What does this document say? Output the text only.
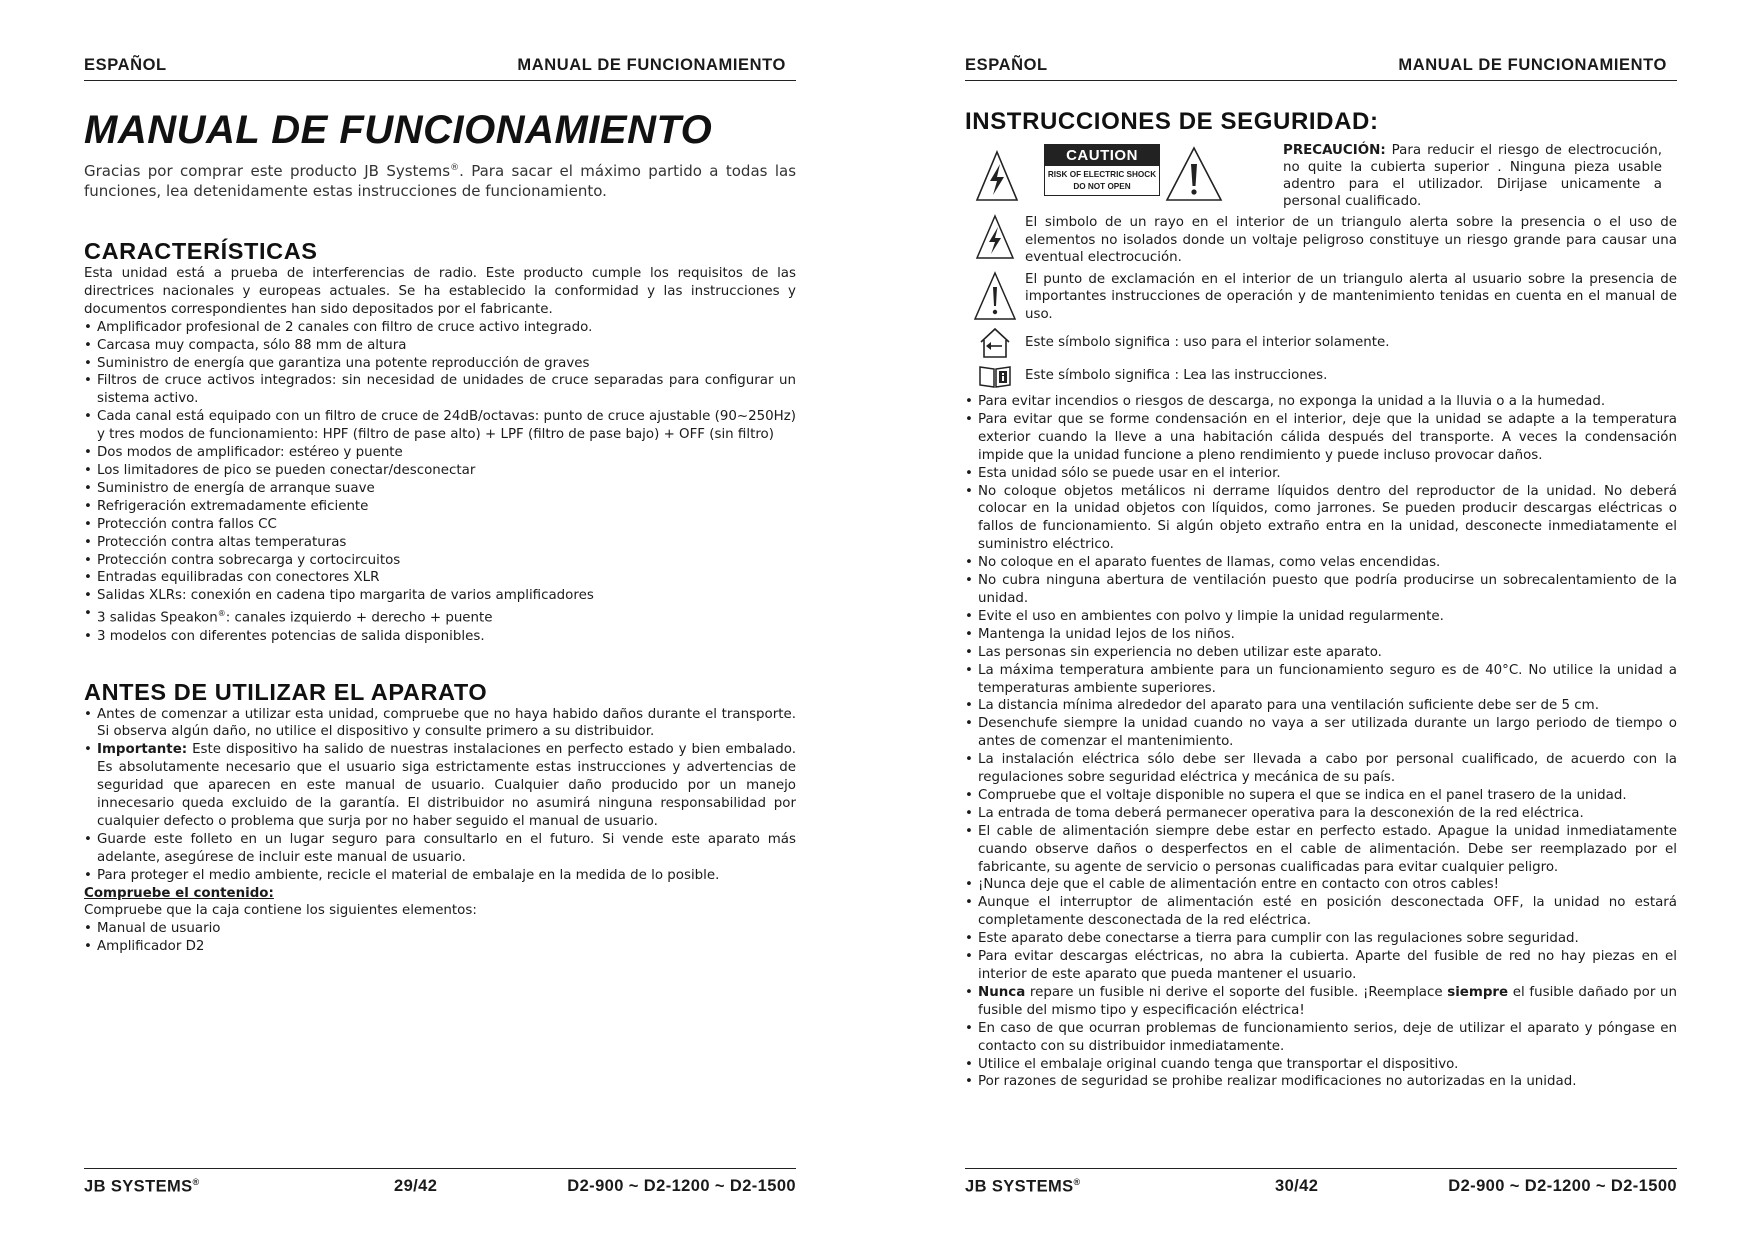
ESPAÑOL	MANUAL DE FUNCIONAMIENTO
MANUAL DE FUNCIONAMIENTO

Gracias por comprar este producto JB Systems®. Para sacar el máximo partido a todas las funciones, lea detenidamente estas instrucciones de funcionamiento.

CARACTERÍSTICAS

Esta unidad está a prueba de interferencias de radio. Este producto cumple los requisitos de las directrices nacionales y europeas actuales. Se ha establecido la conformidad y las instrucciones y documentos correspondientes han sido depositados por el fabricante.

• Amplificador profesional de 2 canales con filtro de cruce activo integrado.
• Carcasa muy compacta, sólo 88 mm de altura
• Suministro de energía que garantiza una potente reproducción de graves
• Filtros de cruce activos integrados: sin necesidad de unidades de cruce separadas para configurar un sistema activo.
• Cada canal está equipado con un filtro de cruce de 24dB/octavas: punto de cruce ajustable (90~250Hz) y tres modos de funcionamiento: HPF (filtro de pase alto) + LPF (filtro de pase bajo) + OFF (sin filtro)
• Dos modos de amplificador: estéreo y puente
• Los limitadores de pico se pueden conectar/desconectar
• Suministro de energía de arranque suave
• Refrigeración extremadamente eficiente
• Protección contra fallos CC
• Protección contra altas temperaturas
• Protección contra sobrecarga y cortocircuitos
• Entradas equilibradas con conectores XLR
• Salidas XLRs: conexión en cadena tipo margarita de varios amplificadores
• 3 salidas Speakon®: canales izquierdo + derecho + puente
• 3 modelos con diferentes potencias de salida disponibles.
ANTES DE UTILIZAR EL APARATO
• Antes de comenzar a utilizar esta unidad, compruebe que no haya habido daños durante el transporte. Si observa algún daño, no utilice el dispositivo y consulte primero a su distribuidor.
• Importante: Este dispositivo ha salido de nuestras instalaciones en perfecto estado y bien embalado. Es absolutamente necesario que el usuario siga estrictamente estas instrucciones y advertencias de seguridad que aparecen en este manual de usuario. Cualquier daño producido por un manejo innecesario queda excluido de la garantía. El distribuidor no asumirá ninguna responsabilidad por cualquier defecto o problema que surja por no haber seguido el manual de usuario.
• Guarde este folleto en un lugar seguro para consultarlo en el futuro. Si vende este aparato más adelante, asegúrese de incluir este manual de usuario.
• Para proteger el medio ambiente, recicle el material de embalaje en la medida de lo posible.

Compruebe el contenido:

Compruebe que la caja contiene los siguientes elementos:

• Manual de usuario
• Amplificador D2
JB SYSTEMS®	29/42	D2-900 ~ D2-1200 ~ D2-1500
ESPAÑOL	MANUAL DE FUNCIONAMIENTO
INSTRUCCIONES DE SEGURIDAD:
CAUTION
RISK OF ELECTRIC SHOCK
DO NOT OPEN

PRECAUCIÓN: Para reducir el riesgo de electrocución, no quite la cubierta superior . Ninguna pieza usable adentro para el utilizador. Dirijase unicamente a personal cualificado.

El simbolo de un rayo en el interior de un triangulo alerta sobre la presencia o el uso de elementos no isolados donde un voltaje peligroso constituye un riesgo grande para causar una eventual electrocución.
El punto de exclamación en el interior de un triangulo alerta al usuario sobre la presencia de importantes instrucciones de operación y de mantenimiento tenidas en cuenta en el manual de uso.
Este símbolo significa : uso para el interior solamente.
Este símbolo significa : Lea las instrucciones.
• Para evitar incendios o riesgos de descarga, no exponga la unidad a la lluvia o a la humedad.
• Para evitar que se forme condensación en el interior, deje que la unidad se adapte a la temperatura exterior cuando la lleve a una habitación cálida después del transporte. A veces la condensación impide que la unidad funcione a pleno rendimiento y puede incluso provocar daños.
• Esta unidad sólo se puede usar en el interior.
• No coloque objetos metálicos ni derrame líquidos dentro del reproductor de la unidad. No deberá colocar en la unidad objetos con líquidos, como jarrones. Se pueden producir descargas eléctricas o fallos de funcionamiento. Si algún objeto extraño entra en la unidad, desconecte inmediatamente el suministro eléctrico.
• No coloque en el aparato fuentes de llamas, como velas encendidas.
• No cubra ninguna abertura de ventilación puesto que podría producirse un sobrecalentamiento de la unidad.
• Evite el uso en ambientes con polvo y limpie la unidad regularmente.
• Mantenga la unidad lejos de los niños.
• Las personas sin experiencia no deben utilizar este aparato.
• La máxima temperatura ambiente para un funcionamiento seguro es de 40°C. No utilice la unidad a temperaturas ambiente superiores.
• La distancia mínima alrededor del aparato para una ventilación suficiente debe ser de 5 cm.
• Desenchufe siempre la unidad cuando no vaya a ser utilizada durante un largo periodo de tiempo o antes de comenzar el mantenimiento.
• La instalación eléctrica sólo debe ser llevada a cabo por personal cualificado, de acuerdo con la regulaciones sobre seguridad eléctrica y mecánica de su país.
• Compruebe que el voltaje disponible no supera el que se indica en el panel trasero de la unidad.
• La entrada de toma deberá permanecer operativa para la desconexión de la red eléctrica.
• El cable de alimentación siempre debe estar en perfecto estado. Apague la unidad inmediatamente cuando observe daños o desperfectos en el cable de alimentación. Debe ser reemplazado por el fabricante, su agente de servicio o personas cualificadas para evitar cualquier peligro.
• ¡Nunca deje que el cable de alimentación entre en contacto con otros cables!
• Aunque el interruptor de alimentación esté en posición desconectada OFF, la unidad no estará completamente desconectada de la red eléctrica.
• Este aparato debe conectarse a tierra para cumplir con las regulaciones sobre seguridad.
• Para evitar descargas eléctricas, no abra la cubierta. Aparte del fusible de red no hay piezas en el interior de este aparato que pueda mantener el usuario.
• Nunca repare un fusible ni derive el soporte del fusible. ¡Reemplace siempre el fusible dañado por un fusible del mismo tipo y especificación eléctrica!
• En caso de que ocurran problemas de funcionamiento serios, deje de utilizar el aparato y póngase en contacto con su distribuidor inmediatamente.
• Utilice el embalaje original cuando tenga que transportar el dispositivo.
• Por razones de seguridad se prohibe realizar modificaciones no autorizadas en la unidad.
JB SYSTEMS®	30/42	D2-900 ~ D2-1200 ~ D2-1500
